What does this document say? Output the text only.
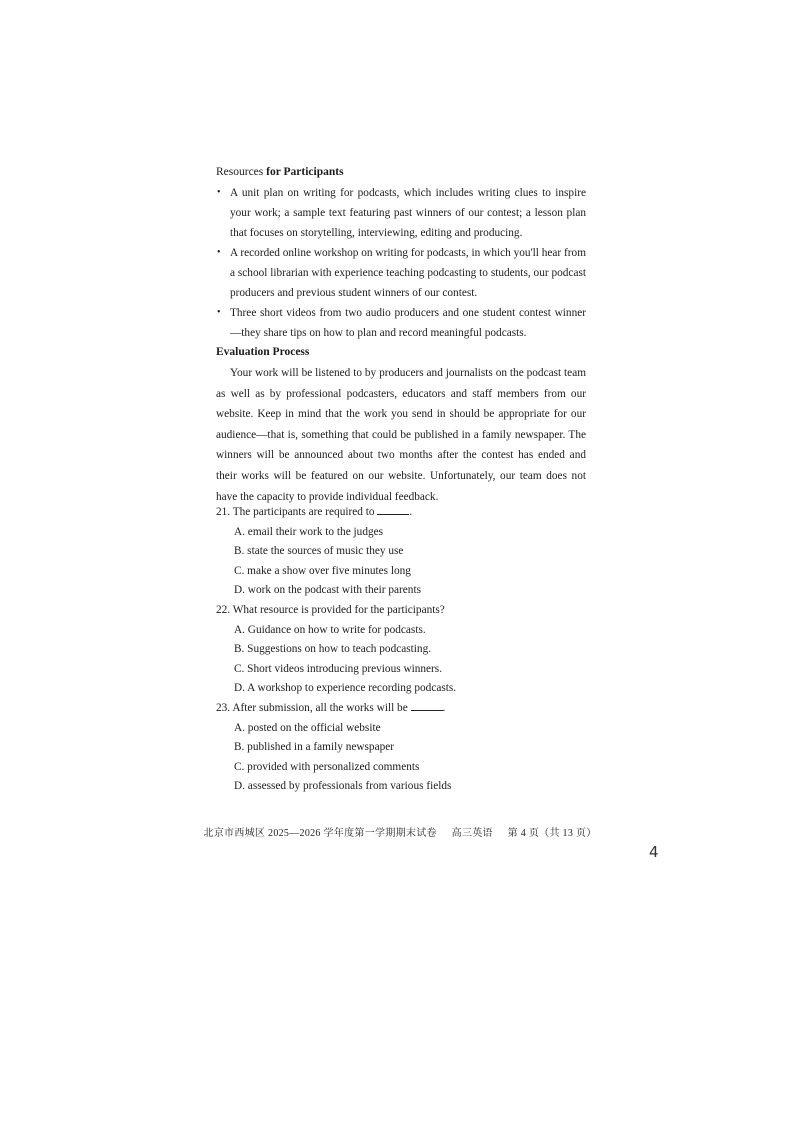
Resources for Participants
• A unit plan on writing for podcasts, which includes writing clues to inspire your work; a sample text featuring past winners of our contest; a lesson plan that focuses on storytelling, interviewing, editing and producing.
• A recorded online workshop on writing for podcasts, in which you'll hear from a school librarian with experience teaching podcasting to students, our podcast producers and previous student winners of our contest.
• Three short videos from two audio producers and one student contest winner—they share tips on how to plan and record meaningful podcasts.
Evaluation Process

Your work will be listened to by producers and journalists on the podcast team as well as by professional podcasters, educators and staff members from our website. Keep in mind that the work you send in should be appropriate for our audience—that is, something that could be published in a family newspaper. The winners will be announced about two months after the contest has ended and their works will be featured on our website. Unfortunately, our team does not have the capacity to provide individual feedback.

21. The participants are required to	.
A. email their work to the judges
B. state the sources of music they use
C. make a show over five minutes long
D. work on the podcast with their parents
22. What resource is provided for the participants?
A. Guidance on how to write for podcasts.
B. Suggestions on how to teach podcasting.
C. Short videos introducing previous winners.
D. A workshop to experience recording podcasts.
23. After submission, all the works will be	.
A. posted on the official website
B. published in a family newspaper
C. provided with personalized comments
D. assessed by professionals from various fields
北京市西城区 2025—2026 学年度第一学期期末试卷 高三英语 第 4 页（共 13 页）
4
